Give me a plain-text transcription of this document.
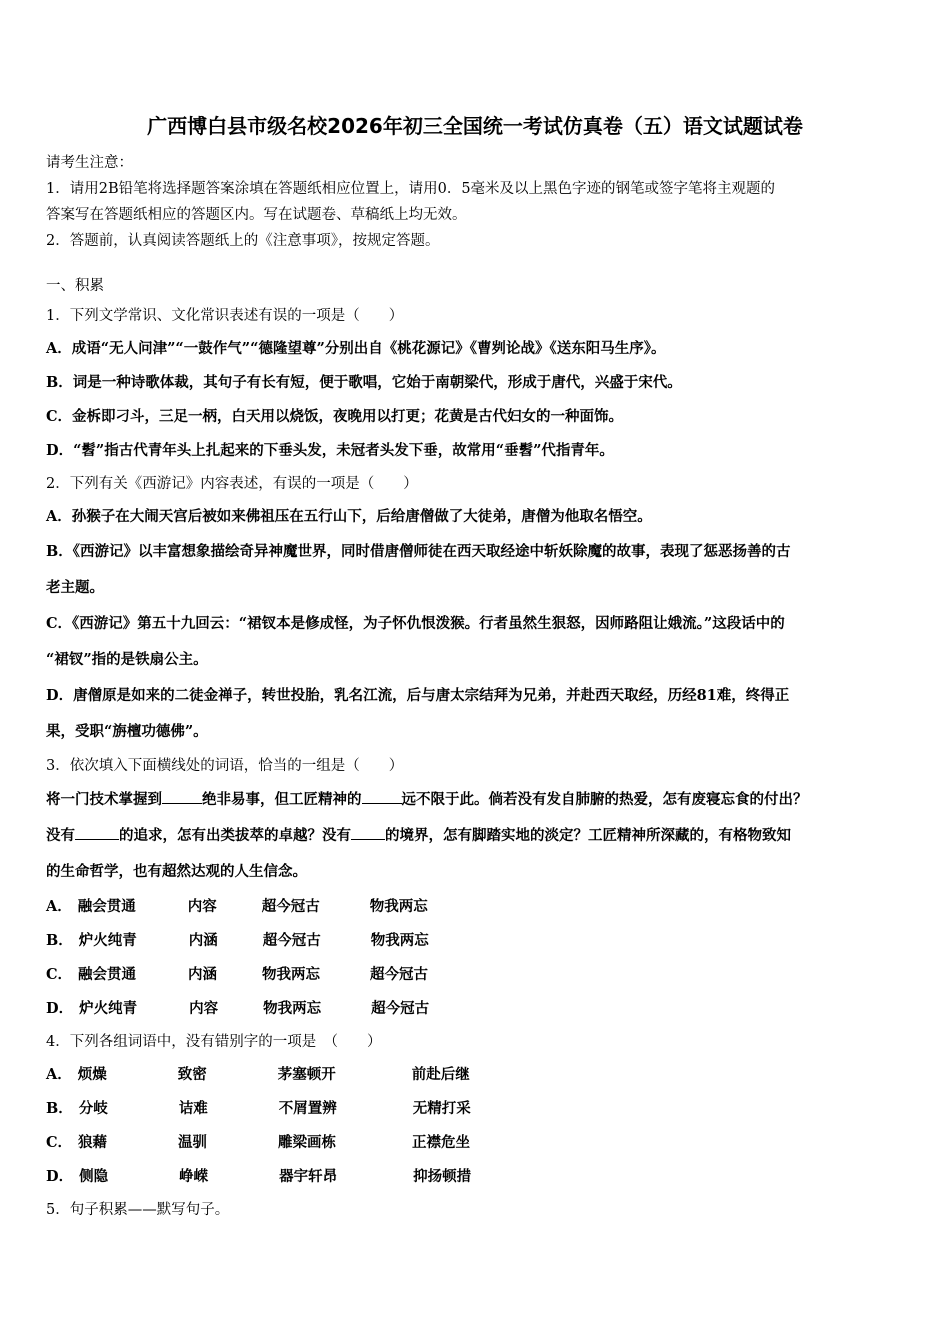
广西博白县市级名校2026年初三全国统一考试仿真卷（五）语文试题试卷

请考生注意：

1．请用2B铅笔将选择题答案涂填在答题纸相应位置上，请用0．5毫米及以上黑色字迹的钢笔或签字笔将主观题的

答案写在答题纸相应的答题区内。写在试题卷、草稿纸上均无效。

2．答题前，认真阅读答题纸上的《注意事项》，按规定答题。

一、积累

1．下列文学常识、文化常识表述有误的一项是（　　）

A．成语“无人问津”“一鼓作气”“德隆望尊”分别出自《桃花源记》《曹刿论战》《送东阳马生序》。

B．词是一种诗歌体裁，其句子有长有短，便于歌唱，它始于南朝梁代，形成于唐代，兴盛于宋代。

C．金柝即刁斗，三足一柄，白天用以烧饭，夜晚用以打更；花黄是古代妇女的一种面饰。

D．“髫”指古代青年头上扎起来的下垂头发，未冠者头发下垂，故常用“垂髫”代指青年。

2．下列有关《西游记》内容表述，有误的一项是（　　）

A．孙猴子在大闹天宫后被如来佛祖压在五行山下，后给唐僧做了大徒弟，唐僧为他取名悟空。

B．《西游记》以丰富想象描绘奇异神魔世界，同时借唐僧师徒在西天取经途中斩妖除魔的故事，表现了惩恶扬善的古

老主题。

C．《西游记》第五十九回云：“裙钗本是修成怪，为子怀仇恨泼猴。行者虽然生狠怒，因师路阻让娥流。”这段话中的

“裙钗”指的是铁扇公主。

D．唐僧原是如来的二徒金禅子，转世投胎，乳名江流，后与唐太宗结拜为兄弟，并赴西天取经，历经81难，终得正

果，受职“旃檀功德佛”。

3．依次填入下面横线处的词语，恰当的一组是（　　）

将一门技术掌握到	绝非易事，但工匠精神的	远不限于此。倘若没有发自肺腑的热爱，怎有废寝忘食的付出？

没有	的追求，怎有出类拔萃的卓越？没有 的境界，怎有脚踏实地的淡定？工匠精神所深藏的，有格物致知

的生命哲学，也有超然达观的人生信念。

A． 融会贯通	内容	超今冠古	物我两忘

B． 炉火纯青	内涵	超今冠古	物我两忘

C． 融会贯通	内涵	物我两忘	超今冠古

D． 炉火纯青	内容	物我两忘	超今冠古

4．下列各组词语中，没有错别字的一项是　（　　）

A． 烦燥	致密	茅塞顿开	前赴后继

B． 分岐	诘难	不屑置辨	无精打采

C． 狼藉	温驯	雕梁画栋	正襟危坐

D． 侧隐	峥嵘	器宇轩昂	抑扬顿措

5．句子积累——默写句子。
